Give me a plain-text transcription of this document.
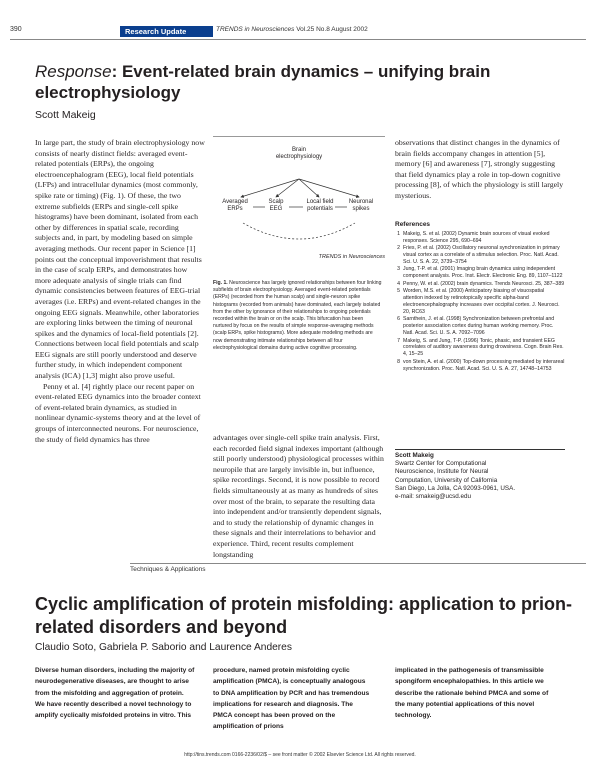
390	Research Update	TRENDS in Neurosciences Vol.25 No.8 August 2002
Response: Event-related brain dynamics – unifying brain electrophysiology
Scott Makeig

In large part, the study of brain electrophysiology now consists of nearly distinct fields: averaged event-related potentials (ERPs), the ongoing electroencephalogram (EEG), local field potentials (LFPs) and intracellular dynamics (most commonly, spike rate or timing) (Fig. 1). Of these, the two extreme subfields (ERPs and single-cell spike histograms) have been dominant, isolated from each other by differences in spatial scale, recording subjects and, in part, by modeling based on simple averaging methods. Our recent paper in Science [1] points out the conceptual impoverishment that results in the case of scalp ERPs, and demonstrates how more adequate analysis of single trials can find dynamic consistencies between features of EEG-trial averages (i.e. ERPs) and event-related changes in the ongoing EEG signals. Meanwhile, other laboratories are exploring links between the timing of neuronal spikes and the dynamics of local-field potentials [2]. Connections between local field potentials and scalp EEG signals are still poorly understood and deserve further study, in which independent component analysis (ICA) [1,3] might also prove useful.

Penny et al. [4] rightly place our recent paper on event-related EEG dynamics into the broader context of event-related brain dynamics, as studied in nonlinear dynamic-systems theory and at the level of groups of interconnected neurons. For neuroscience, the study of field dynamics has three

Brain
electrophysiology
Averaged
ERPs
Scalp
EEG
Local field
potentials
Neuronal
spikes
TRENDS in Neurosciences
Fig. 1. Neuroscience has largely ignored relationships between four linking subfields of brain electrophysiology. Averaged event-related potentials (ERPs) (recorded from the human scalp) and single-neuron spike histograms (recorded from animals) have dominated, each largely isolated from the other by ignorance of their relationships to ongoing potentials recorded within the brain or on the scalp. This bifurcation has been nurtured by focus on the results of simple response-averaging methods (scalp ERPs, spike histograms). More adequate modeling methods are now demonstrating intimate relationships between all four electrophysiological domains during active cognitive processing.

advantages over single-cell spike train analysis. First, each recorded field signal indexes important (although still poorly understood) physiological processes within neuropile that are largely invisible in, but influence, spike recordings. Second, it is now possible to record fields simultaneously at as many as hundreds of sites over most of the brain, to separate the resulting data into independent and/or transiently dependent signals, and to study the relationship of dynamic changes in these signals and their interrelations to behavior and experience. Third, recent results complement longstanding

observations that distinct changes in the dynamics of brain fields accompany changes in attention [5], memory [6] and awareness [7], strongly suggesting that field dynamics play a role in top-down cognitive processing [8], of which the physiology is still largely mysterious.

References
1 Makeig, S. et al. (2002) Dynamic brain sources of visual evoked responses. Science 295, 690–694
2 Fries, P. et al. (2002) Oscillatory neuronal synchronization in primary visual cortex as a correlate of a stimulus selection. Proc. Natl. Acad. Sci. U. S. A. 22, 3739–3754
3 Jung, T-P. et al. (2001) Imaging brain dynamics using independent component analysis. Proc. Inst. Electr. Electronic Eng. 89, 1107–1122
4 Penny, W. et al. (2002) brain dynamics. Trends Neurosci. 25, 387–389
5 Worden, M.S. et al. (2000) Anticipatory biasing of visuospatial attention indexed by retinotopically specific alpha-band electroencephalography increases over occipital cortex. J. Neurosci. 20, RC63
6 Sarnthein, J. et al. (1998) Synchronization between prefrontal and posterior association cortex during human working memory. Proc. Natl. Acad. Sci. U. S. A. 7092–7096
7 Makeig, S. and Jung, T-P. (1996) Tonic, phasic, and transient EEG correlates of auditory awareness during drowsiness. Cogn. Brain Res. 4, 15–25
8 von Stein, A. et al. (2000) Top-down processing mediated by interareal synchronization. Proc. Natl. Acad. Sci. U. S. A. 27, 14748–14753
Scott Makeig
Swartz Center for Computational
Neuroscience, Institute for Neural
Computation, University of California
San Diego, La Jolla, CA 92093-0961, USA.
e-mail: smakeig@ucsd.edu
Techniques & Applications
Cyclic amplification of protein misfolding: application to prion-related disorders and beyond
Claudio Soto, Gabriela P. Saborio and Laurence Anderes
Diverse human disorders, including the majority of neurodegenerative diseases, are thought to arise from the misfolding and aggregation of protein. We have recently described a novel technology to amplify cyclically misfolded proteins in vitro. This
procedure, named protein misfolding cyclic amplification (PMCA), is conceptually analogous to DNA amplification by PCR and has tremendous implications for research and diagnosis. The PMCA concept has been proved on the amplification of prions
implicated in the pathogenesis of transmissible spongiform encephalopathies. In this article we describe the rationale behind PMCA and some of the many potential applications of this novel technology.
http://tins.trends.com 0166-2236/02/$ – see front matter © 2002 Elsevier Science Ltd. All rights reserved.
